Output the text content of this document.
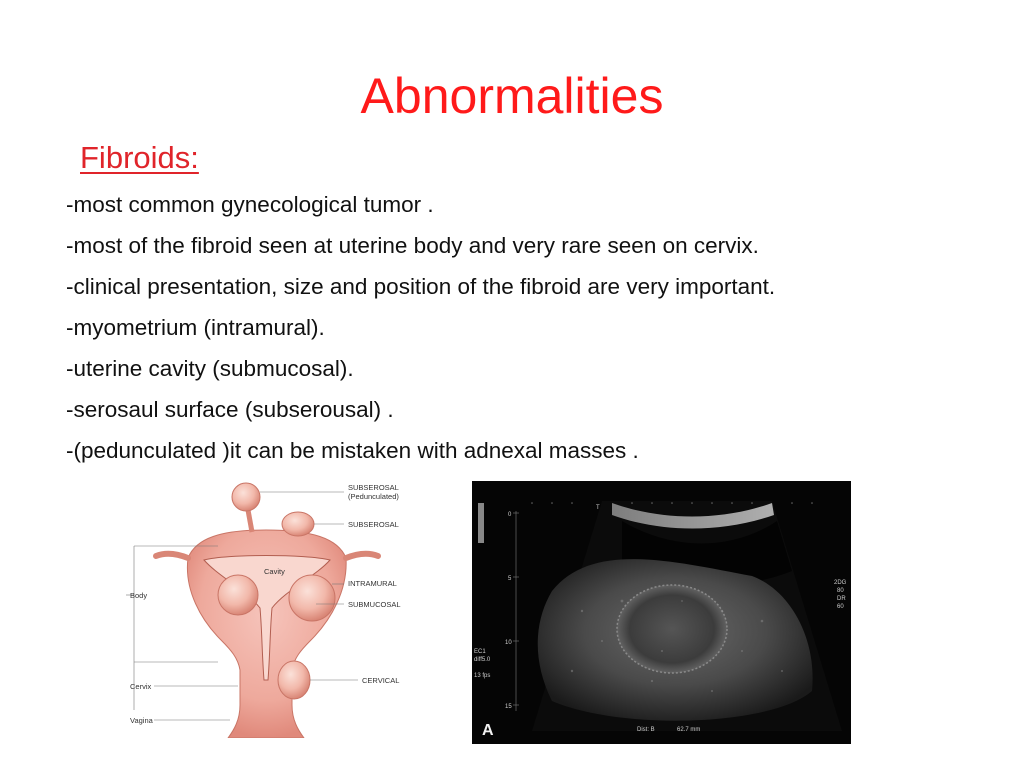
Abnormalities
Fibroids:
-most common gynecological tumor .
-most of the fibroid seen at uterine body and very rare seen on cervix.
-clinical presentation, size and position of the fibroid are very important.
-myometrium (intramural).
-uterine cavity (submucosal).
-serosaul surface (subserousal) .
-(pedunculated )it can be mistaken with adnexal masses .
SUBSEROSAL
(Pedunculated)
SUBSEROSAL
Cavity
INTRAMURAL
SUBMUCOSAL
CERVICAL
Body
Cervix
Vagina
T
0
5
10
15
2DG
80
DR
60
EC1
diff5.0
13 fps
Dist: B	62.7 mm
A
